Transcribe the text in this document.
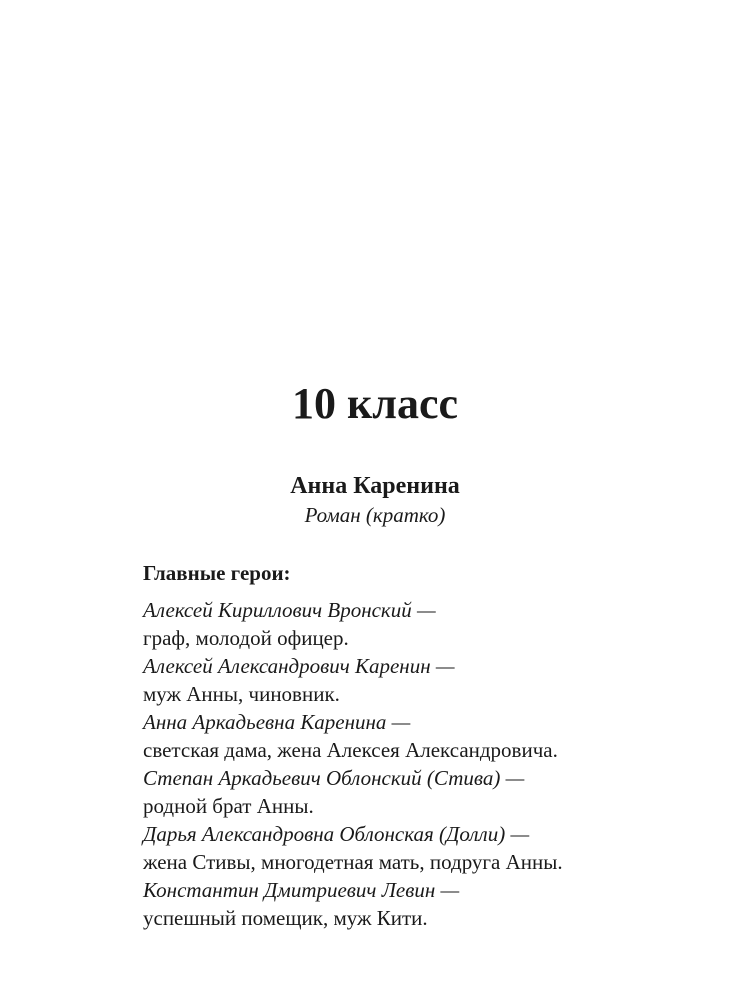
10 класс
Анна Каренина

Роман (кратко)

Главные герои:
Алексей Кириллович Вронский —
граф, молодой офицер.
Алексей Александрович Каренин —
муж Анны, чиновник.
Анна Аркадьевна Каренина —
светская дама, жена Алексея Александровича.
Степан Аркадьевич Облонский (Стива) —
родной брат Анны.
Дарья Александровна Облонская (Долли) —
жена Стивы, многодетная мать, подруга Анны.
Константин Дмитриевич Левин —
успешный помещик, муж Кити.
